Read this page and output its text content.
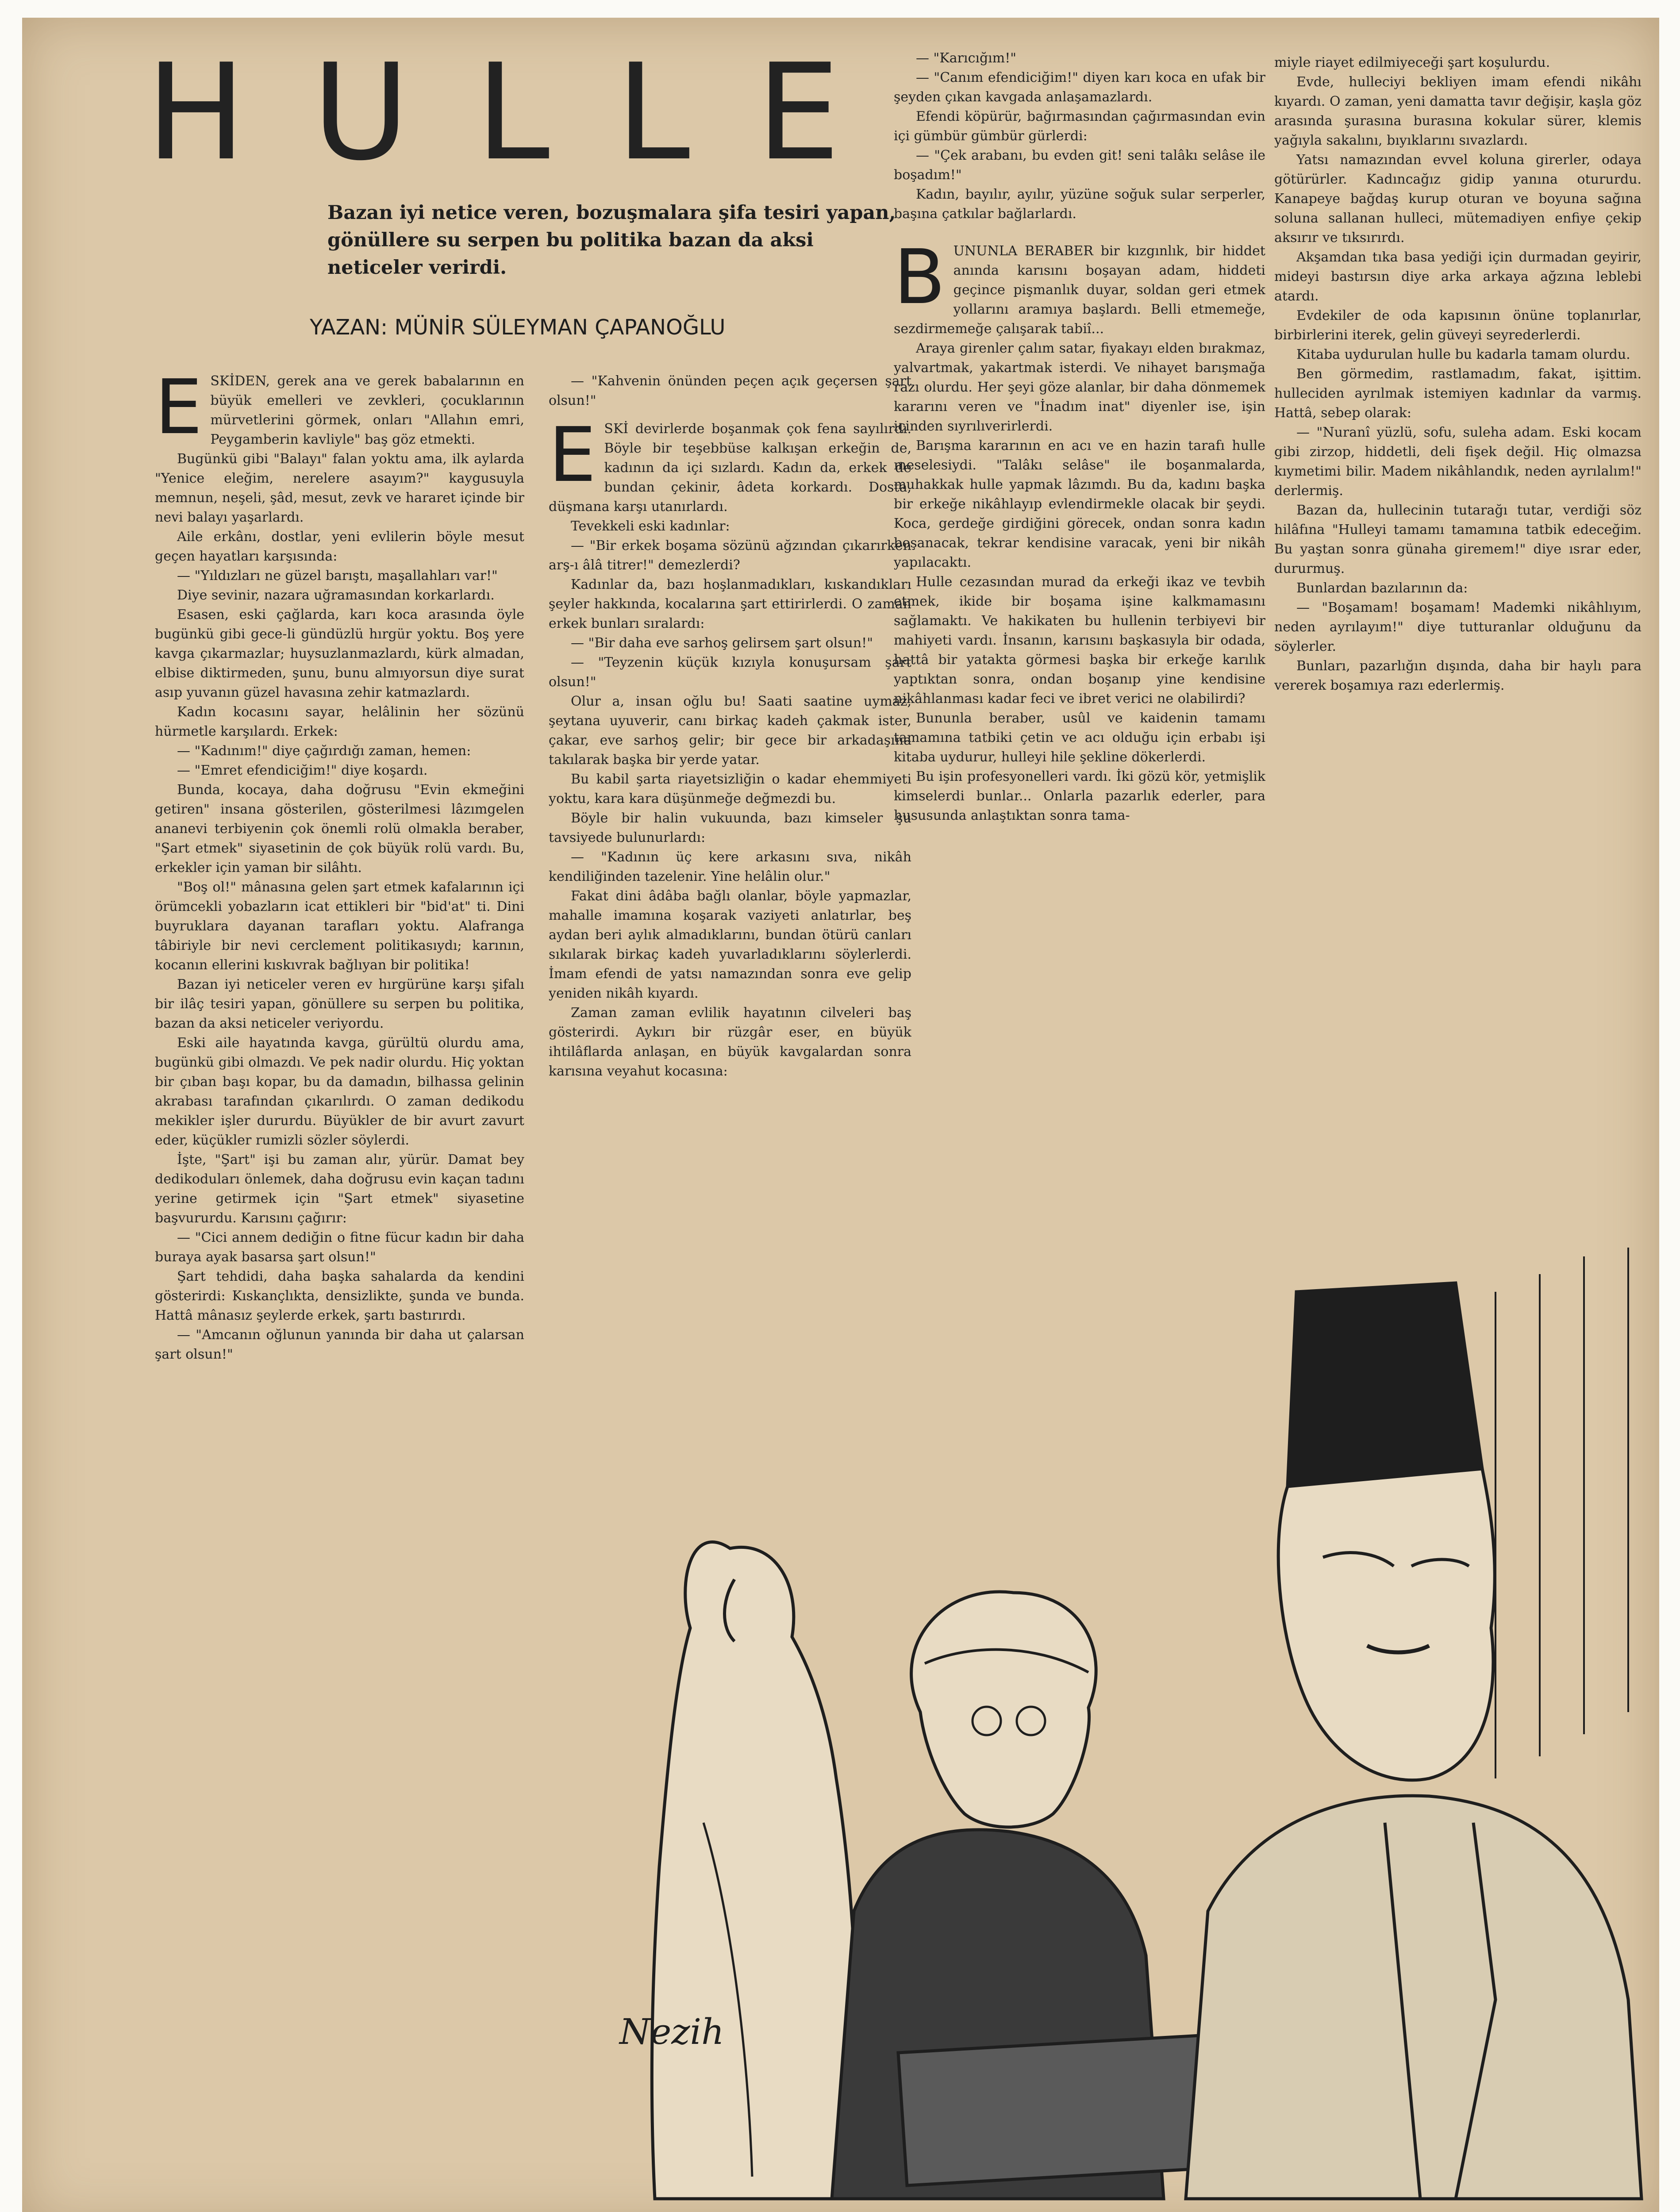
HULLE

Bazan iyi netice veren, bozuşmalara şifa tesiri yapan, gönüllere su serpen bu politika bazan da aksi neticeler verirdi.

YAZAN: MÜNİR SÜLEYMAN ÇAPANOĞLU

ESKİDEN, gerek ana ve gerek babalarının en büyük emelleri ve zevkleri, çocuklarının mürvetlerini görmek, onları "Allahın emri, Peygamberin kavliyle" baş göz etmekti.

Bugünkü gibi "Balayı" falan yoktu ama, ilk aylarda "Yenice eleğim, nerelere asayım?" kaygusuyla memnun, neşeli, şâd, mesut, zevk ve hararet içinde bir nevi balayı yaşarlardı.

Aile erkânı, dostlar, yeni evlilerin böyle mesut geçen hayatları karşısında:

— "Yıldızları ne güzel barıştı, maşallahları var!"

Diye sevinir, nazara uğramasından korkarlardı.

Esasen, eski çağlarda, karı koca arasında öyle bugünkü gibi gece-li gündüzlü hırgür yoktu. Boş yere kavga çıkarmazlar; huysuzlanmazlardı, kürk almadan, elbise diktirmeden, şunu, bunu almıyorsun diye surat asıp yuvanın güzel havasına zehir katmazlardı.

Kadın kocasını sayar, helâlinin her sözünü hürmetle karşılardı. Erkek:

— "Kadınım!" diye çağırdığı zaman, hemen:

— "Emret efendiciğim!" diye koşardı.

Bunda, kocaya, daha doğrusu "Evin ekmeğini getiren" insana gösterilen, gösterilmesi lâzımgelen ananevi terbiyenin çok önemli rolü olmakla beraber, "Şart etmek" siyasetinin de çok büyük rolü vardı. Bu, erkekler için yaman bir silâhtı.

"Boş ol!" mânasına gelen şart etmek kafalarının içi örümcekli yobazların icat ettikleri bir "bid'at" ti. Dini buyruklara dayanan tarafları yoktu. Alafranga tâbiriyle bir nevi cerclement politikasıydı; karının, kocanın ellerini kıskıvrak bağlıyan bir politika!

Bazan iyi neticeler veren ev hırgürüne karşı şifalı bir ilâç tesiri yapan, gönüllere su serpen bu politika, bazan da aksi neticeler veriyordu.

Eski aile hayatında kavga, gürültü olurdu ama, bugünkü gibi olmazdı. Ve pek nadir olurdu. Hiç yoktan bir çıban başı kopar, bu da damadın, bilhassa gelinin akrabası tarafından çıkarılırdı. O zaman dedikodu mekikler işler dururdu. Büyükler de bir avurt zavurt eder, küçükler rumizli sözler söylerdi.

İşte, "Şart" işi bu zaman alır, yürür. Damat bey dedikoduları önlemek, daha doğrusu evin kaçan tadını yerine getirmek için "Şart etmek" siyasetine başvururdu. Karısını çağırır:

— "Cici annem dediğin o fitne fücur kadın bir daha buraya ayak basarsa şart olsun!"

Şart tehdidi, daha başka sahalarda da kendini gösterirdi: Kıskançlıkta, densizlikte, şunda ve bunda. Hattâ mânasız şeylerde erkek, şartı bastırırdı.

— "Amcanın oğlunun yanında bir daha ut çalarsan şart olsun!"

— "Kahvenin önünden peçen açık geçersen şart olsun!"

ESKİ devirlerde boşanmak çok fena sayılırdı. Böyle bir teşebbüse kalkışan erkeğin de, kadının da içi sızlardı. Kadın da, erkek de bundan çekinir, âdeta korkardı. Dosta, düşmana karşı utanırlardı.

Tevekkeli eski kadınlar:

— "Bir erkek boşama sözünü ağzından çıkarırken arş-ı âlâ titrer!" demezlerdi?

Kadınlar da, bazı hoşlanmadıkları, kıskandıkları şeyler hakkında, kocalarına şart ettirirlerdi. O zaman erkek bunları sıralardı:

— "Bir daha eve sarhoş gelirsem şart olsun!"

— "Teyzenin küçük kızıyla konuşursam şart olsun!"

Olur a, insan oğlu bu! Saati saatine uymaz, şeytana uyuverir, canı birkaç kadeh çakmak ister, çakar, eve sarhoş gelir; bir gece bir arkadaşına takılarak başka bir yerde yatar.

Bu kabil şarta riayetsizliğin o kadar ehemmiyeti yoktu, kara kara düşünmeğe değmezdi bu.

Böyle bir halin vukuunda, bazı kimseler şu tavsiyede bulunurlardı:

— "Kadının üç kere arkasını sıva, nikâh kendiliğinden tazelenir. Yine helâlin olur."

Fakat dini âdâba bağlı olanlar, böyle yapmazlar, mahalle imamına koşarak vaziyeti anlatırlar, beş aydan beri aylık almadıklarını, bundan ötürü canları sıkılarak birkaç kadeh yuvarladıklarını söylerlerdi. İmam efendi de yatsı namazından sonra eve gelip yeniden nikâh kıyardı.

Zaman zaman evlilik hayatının cilveleri baş gösterirdi. Aykırı bir rüzgâr eser, en büyük ihtilâflarda anlaşan, en büyük kavgalardan sonra karısına veyahut kocasına:

— "Karıcığım!"

— "Canım efendiciğim!" diyen karı koca en ufak bir şeyden çıkan kavgada anlaşamazlardı.

Efendi köpürür, bağırmasından çağırmasından evin içi gümbür gümbür gürlerdi:

— "Çek arabanı, bu evden git! seni talâkı selâse ile boşadım!"

Kadın, bayılır, ayılır, yüzüne soğuk sular serperler, başına çatkılar bağlarlardı.

BUNUNLA BERABER bir kızgınlık, bir hiddet anında karısını boşayan adam, hiddeti geçince pişmanlık duyar, soldan geri etmek yollarını aramıya başlardı. Belli etmemeğe, sezdirmemeğe çalışarak tabiî...

Araya girenler çalım satar, fiyakayı elden bırakmaz, yalvartmak, yakartmak isterdi. Ve nihayet barışmağa razı olurdu. Her şeyi göze alanlar, bir daha dönmemek kararını veren ve "İnadım inat" diyenler ise, işin içinden sıyrılıverirlerdi.

Barışma kararının en acı ve en hazin tarafı hulle meselesiydi. "Talâkı selâse" ile boşanmalarda, muhakkak hulle yapmak lâzımdı. Bu da, kadını başka bir erkeğe nikâhlayıp evlendirmekle olacak bir şeydi. Koca, gerdeğe girdiğini görecek, ondan sonra kadın boşanacak, tekrar kendisine varacak, yeni bir nikâh yapılacaktı.

Hulle cezasından murad da erkeği ikaz ve tevbih etmek, ikide bir boşama işine kalkmamasını sağlamaktı. Ve hakikaten bu hullenin terbiyevi bir mahiyeti vardı. İnsanın, karısını başkasıyla bir odada, hattâ bir yatakta görmesi başka bir erkeğe karılık yaptıktan sonra, ondan boşanıp yine kendisine nikâhlanması kadar feci ve ibret verici ne olabilirdi?

Bununla beraber, usûl ve kaidenin tamamı tamamına tatbiki çetin ve acı olduğu için erbabı işi kitaba uydurur, hulleyi hile şekline dökerlerdi.

Bu işin profesyonelleri vardı. İki gözü kör, yetmişlik kimselerdi bunlar... Onlarla pazarlık ederler, para hususunda anlaştıktan sonra tama-

miyle riayet edilmiyeceği şart koşulurdu.

Evde, hulleciyi bekliyen imam efendi nikâhı kıyardı. O zaman, yeni damatta tavır değişir, kaşla göz arasında şurasına burasına kokular sürer, klemis yağıyla sakalını, bıyıklarını sıvazlardı.

Yatsı namazından evvel koluna girerler, odaya götürürler. Kadıncağız gidip yanına otururdu. Kanapeye bağdaş kurup oturan ve boyuna sağına soluna sallanan hulleci, mütemadiyen enfiye çekip aksırır ve tıksırırdı.

Akşamdan tıka basa yediği için durmadan geyirir, mideyi bastırsın diye arka arkaya ağzına leblebi atardı.

Evdekiler de oda kapısının önüne toplanırlar, birbirlerini iterek, gelin güveyi seyrederlerdi.

Kitaba uydurulan hulle bu kadarla tamam olurdu.

Ben görmedim, rastlamadım, fakat, işittim. hulleciden ayrılmak istemiyen kadınlar da varmış. Hattâ, sebep olarak:

— "Nuranî yüzlü, sofu, suleha adam. Eski kocam gibi zirzop, hiddetli, deli fişek değil. Hiç olmazsa kıymetimi bilir. Madem nikâhlandık, neden ayrılalım!" derlermiş.

Bazan da, hullecinin tutarağı tutar, verdiği söz hilâfına "Hulleyi tamamı tamamına tatbik edeceğim. Bu yaştan sonra günaha giremem!" diye ısrar eder, dururmuş.

Bunlardan bazılarının da:

— "Boşamam! boşamam! Mademki nikâhlıyım, neden ayrılayım!" diye tutturanlar olduğunu da söylerler.

Bunları, pazarlığın dışında, daha bir haylı para vererek boşamıya razı ederlermiş.

Nezih
